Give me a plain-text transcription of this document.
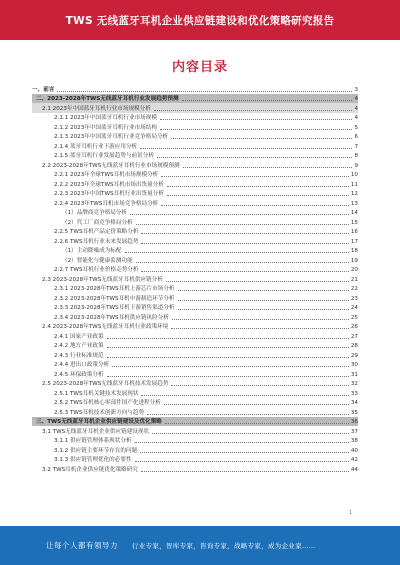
TWS 无线蓝牙耳机企业供应链建设和优化策略研究报告
内容目录
一、前言	3
二、2023-2028年TWS无线蓝牙耳机行业发展趋势预测	4
2.1 2023年中国蓝牙耳机行业市场规模分析	4
2.1.1 2023年中国蓝牙耳机行业市场规模	4
2.1.2 2023年中国蓝牙耳机行业市场结构	5
2.1.3 2023年中国蓝牙耳机行业竞争格局分析	6
2.1.4 蓝牙耳机行业下游应用分析	7
2.1.5 蓝牙耳机行业发展趋势与前景分析	8
2.2 2023-2028年TWS无线蓝牙耳机行业市场规模预测	9
2.2.1 2023年全球TWS耳机市场规模分析	10
2.2.2 2023年全球TWS耳机市场出货量分析	11
2.2.3 2023年中国TWS耳机行业出货量分析	12
2.2.4 2023年TWS耳机市场竞争格局分析	13
（1）品牌商竞争格局分析	14
（2）代工厂商竞争格局分析	15
2.2.5 TWS耳机产品定价策略分析	16
2.2.6 TWS耳机行业未来发展趋势	17
（1）主动降噪成为标配	18
（2）智能化与健康监测功能	19
2.2.7 TWS耳机行业价格走势分析	20
2.3 2023-2028年TWS无线蓝牙耳机供应链分析	21
2.3.1 2023-2028年TWS耳机上游芯片市场分析	22
2.3.2 2023-2028年TWS耳机中游制造环节分析	23
2.3.3 2023-2028年TWS耳机下游销售渠道分析	24
2.3.4 2023-2028年TWS耳机供应链风险分析	25
2.4 2023-2028年TWS无线蓝牙耳机行业政策环境	26
2.4.1 国家产业政策	27
2.4.2 地方产业政策	28
2.4.3 行业标准规范	29
2.4.4 进出口政策分析	30
2.4.5 环保政策分析	31
2.5 2023-2028年TWS无线蓝牙耳机技术发展趋势	32
2.5.1 TWS耳机关键技术发展现状	33
2.5.2 TWS耳机核心零部件国产化进程分析	34
2.5.3 TWS耳机技术创新方向与趋势	35
三、TWS无线蓝牙耳机企业供应链建设及优化策略	36
3.1 TWS无线蓝牙耳机企业供应链建设现状	37
3.1.1 供应链管理体系现状分析	38
3.1.2 供应链主要环节存在的问题	40
3.1.3 供应链管理优化的必要性	42
3.2 TWS耳机企业供应链优化策略研究	44
1
让每个人都有领导力 行业专家，智库专家，咨询专家，战略专家，成为企业家……
